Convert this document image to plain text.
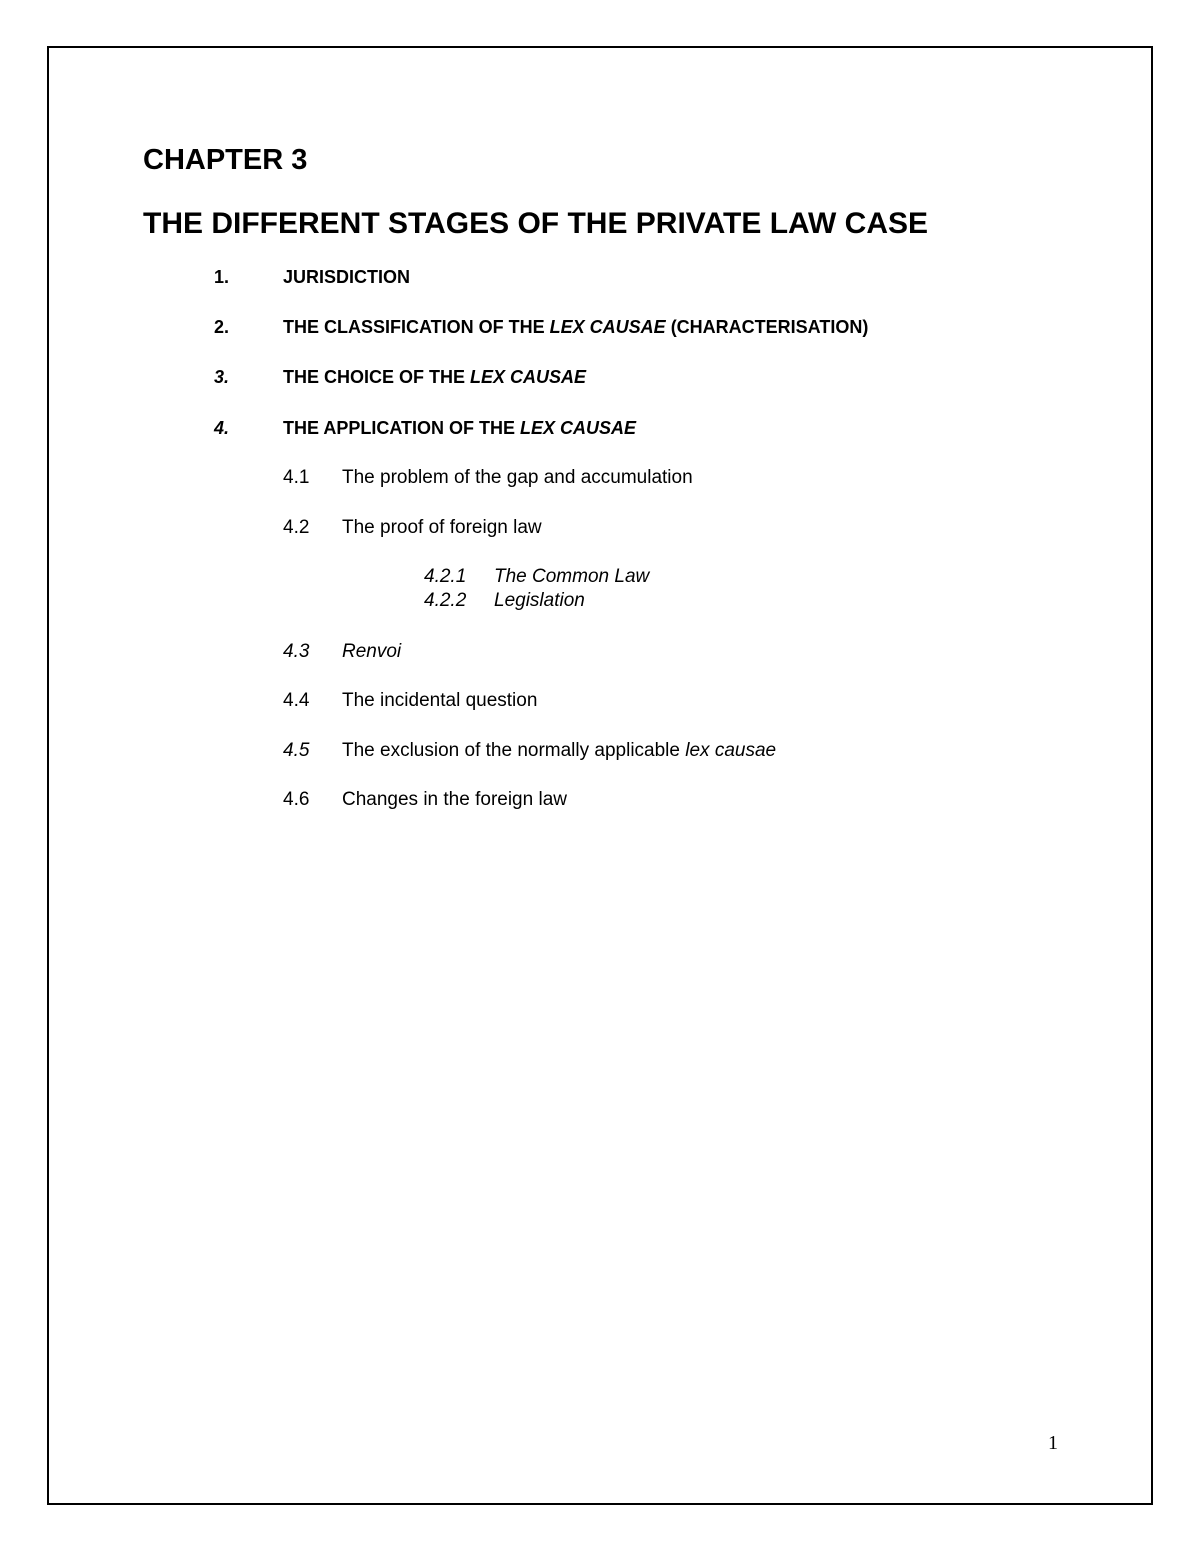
CHAPTER 3
THE DIFFERENT STAGES OF THE PRIVATE LAW CASE
1.	JURISDICTION
2.	THE CLASSIFICATION OF THE LEX CAUSAE (CHARACTERISATION)
3.	THE CHOICE OF THE LEX CAUSAE
4.	THE APPLICATION OF THE LEX CAUSAE
4.1 The problem of the gap and accumulation
4.2 The proof of foreign law
4.2.1 The Common Law
4.2.2 Legislation
4.3 Renvoi
4.4 The incidental question
4.5 The exclusion of the normally applicable lex causae
4.6 Changes in the foreign law
1
